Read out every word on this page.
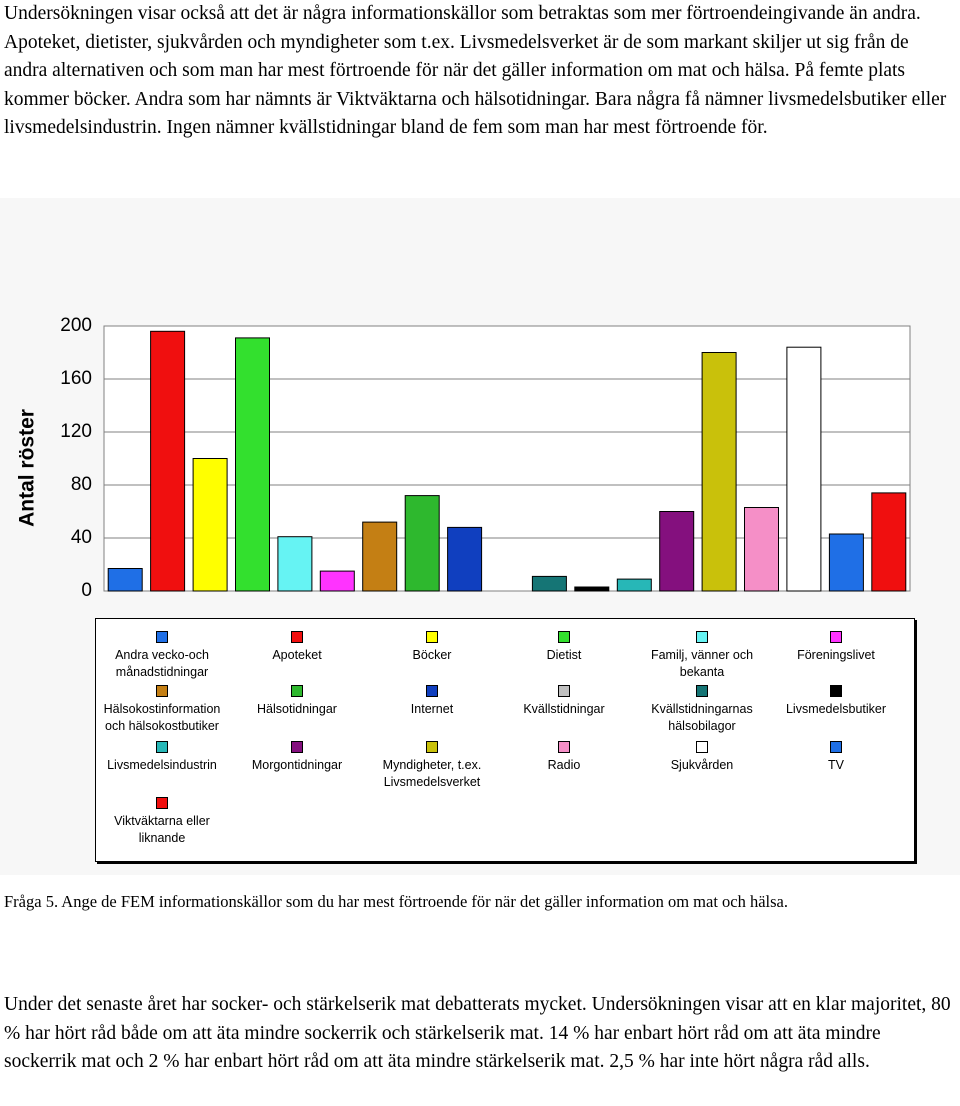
Undersökningen visar också att det är några informationskällor som betraktas som mer förtroendeingivande än andra. Apoteket, dietister, sjukvården och myndigheter som t.ex. Livsmedelsverket är de som markant skiljer ut sig från de andra alternativen och som man har mest förtroende för när det gäller information om mat och hälsa. På femte plats kommer böcker. Andra som har nämnts är Viktväktarna och hälsotidningar. Bara några få nämner livsmedelsbutiker eller livsmedelsindustrin. Ingen nämner kvällstidningar bland de fem som man har mest förtroende för.

0
40
80
120
160
200
Antal röster
Andra vecko-och månadstidningar
Apoteket	Böcker	Dietist	Familj, vänner och bekanta
Föreningslivet
Hälsokostinformation och hälsokostbutiker
Hälsotidningar	Internet	Kvällstidningar	Kvällstidningarnas hälsobilagor
Livsmedelsbutiker
Livsmedelsindustrin	Morgontidningar	Myndigheter, t.ex. Livsmedelsverket
Radio	Sjukvården	TV
Viktväktarna eller liknande

Fråga 5. Ange de FEM informationskällor som du har mest förtroende för när det gäller information om mat och hälsa.

Under det senaste året har socker- och stärkelserik mat debatterats mycket. Undersökningen visar att en klar majoritet, 80 % har hört råd både om att äta mindre sockerrik och stärkelserik mat. 14 % har enbart hört råd om att äta mindre sockerrik mat och 2 % har enbart hört råd om att äta mindre stärkelserik mat. 2,5 % har inte hört några råd alls.
